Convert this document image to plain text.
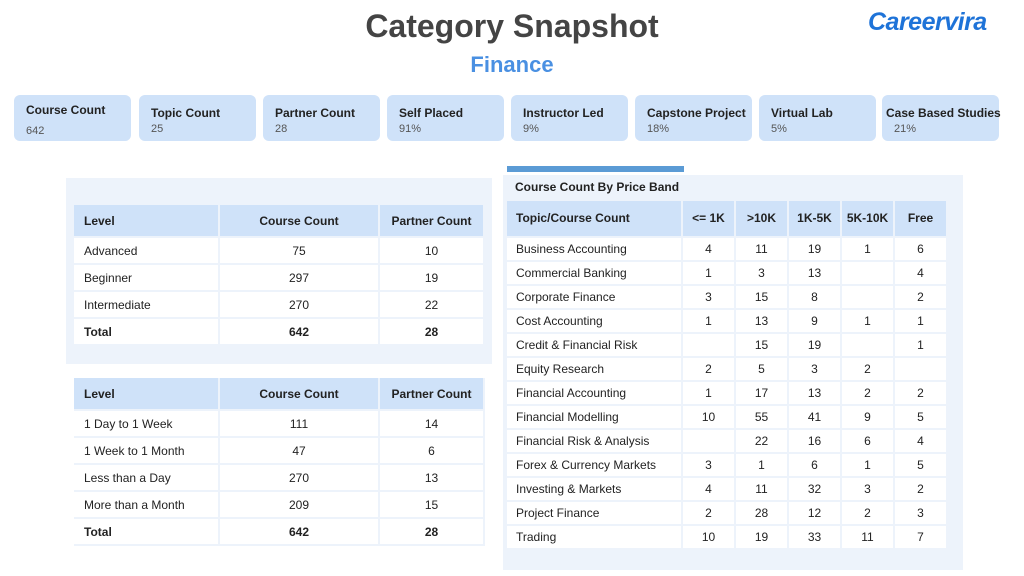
Category Snapshot
Finance
Careervira
Course Count
642
Topic Count
25
Partner Count
28
Self Placed
91%
Instructor Led
9%
Capstone Project
18%
Virtual Lab
5%
Case Based Studies
21%
Level	Course Count	Partner Count
Advanced	75	10
Beginner	297	19
Intermediate	270	22
Total	642	28
Level	Course Count	Partner Count
1 Day to 1 Week	111	14
1 Week to 1 Month	47	6
Less than a Day	270	13
More than a Month	209	15
Total	642	28
Course Count By Price Band
Topic/Course Count	<= 1K	>10K	1K-5K	5K-10K	Free
Business Accounting	4	11	19	1	6
Commercial Banking	1	3	13		4
Corporate Finance	3	15	8		2
Cost Accounting	1	13	9	1	1
Credit & Financial Risk		15	19		1
Equity Research	2	5	3	2	
Financial Accounting	1	17	13	2	2
Financial Modelling	10	55	41	9	5
Financial Risk & Analysis		22	16	6	4
Forex & Currency Markets	3	1	6	1	5
Investing & Markets	4	11	32	3	2
Project Finance	2	28	12	2	3
Trading	10	19	33	11	7
